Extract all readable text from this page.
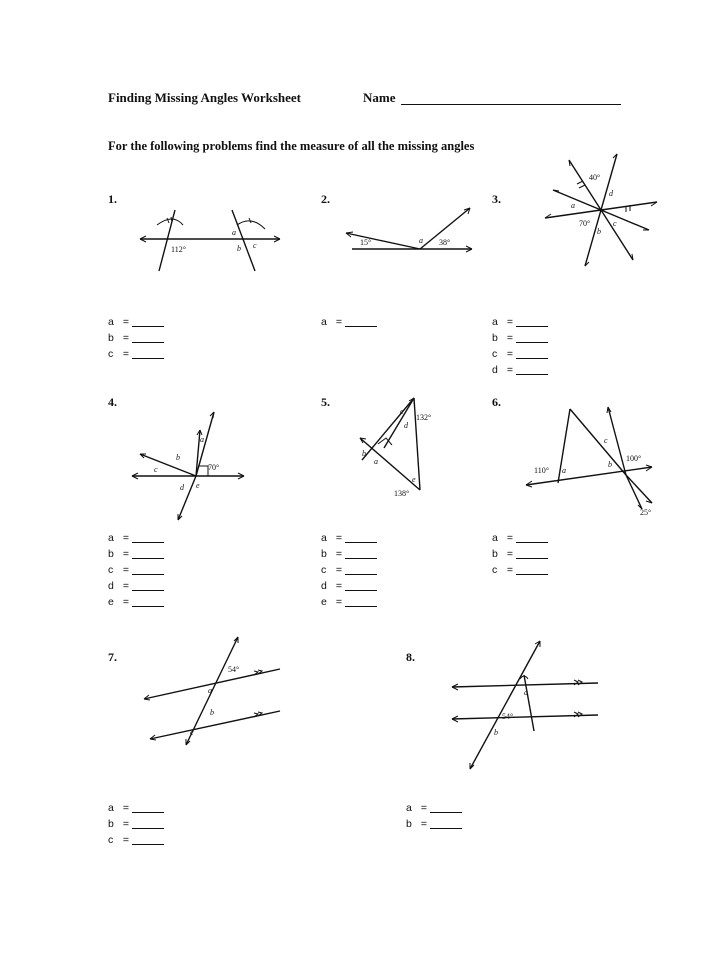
Finding Missing Angles Worksheet	Name
For the following problems find the measure of all the missing angles
1.	2.	3.
4.	5.	6.
7.	8.
112°
a
b c	15°	38°
a
40°
70°
a
b
c
d
70°
a
b
c
d e
132°
138°
a
b
c
d
e
110°
100°
25°
a
b
c
54°
a
b
c
54°
a
b
a =
b =
c =
a =	a =
b =
c =
d =
a =
b =
c =
d =
e =
a =
b =
c =
d =
e =
a =
b =
c =
a =
b =
c =
a =
b =
